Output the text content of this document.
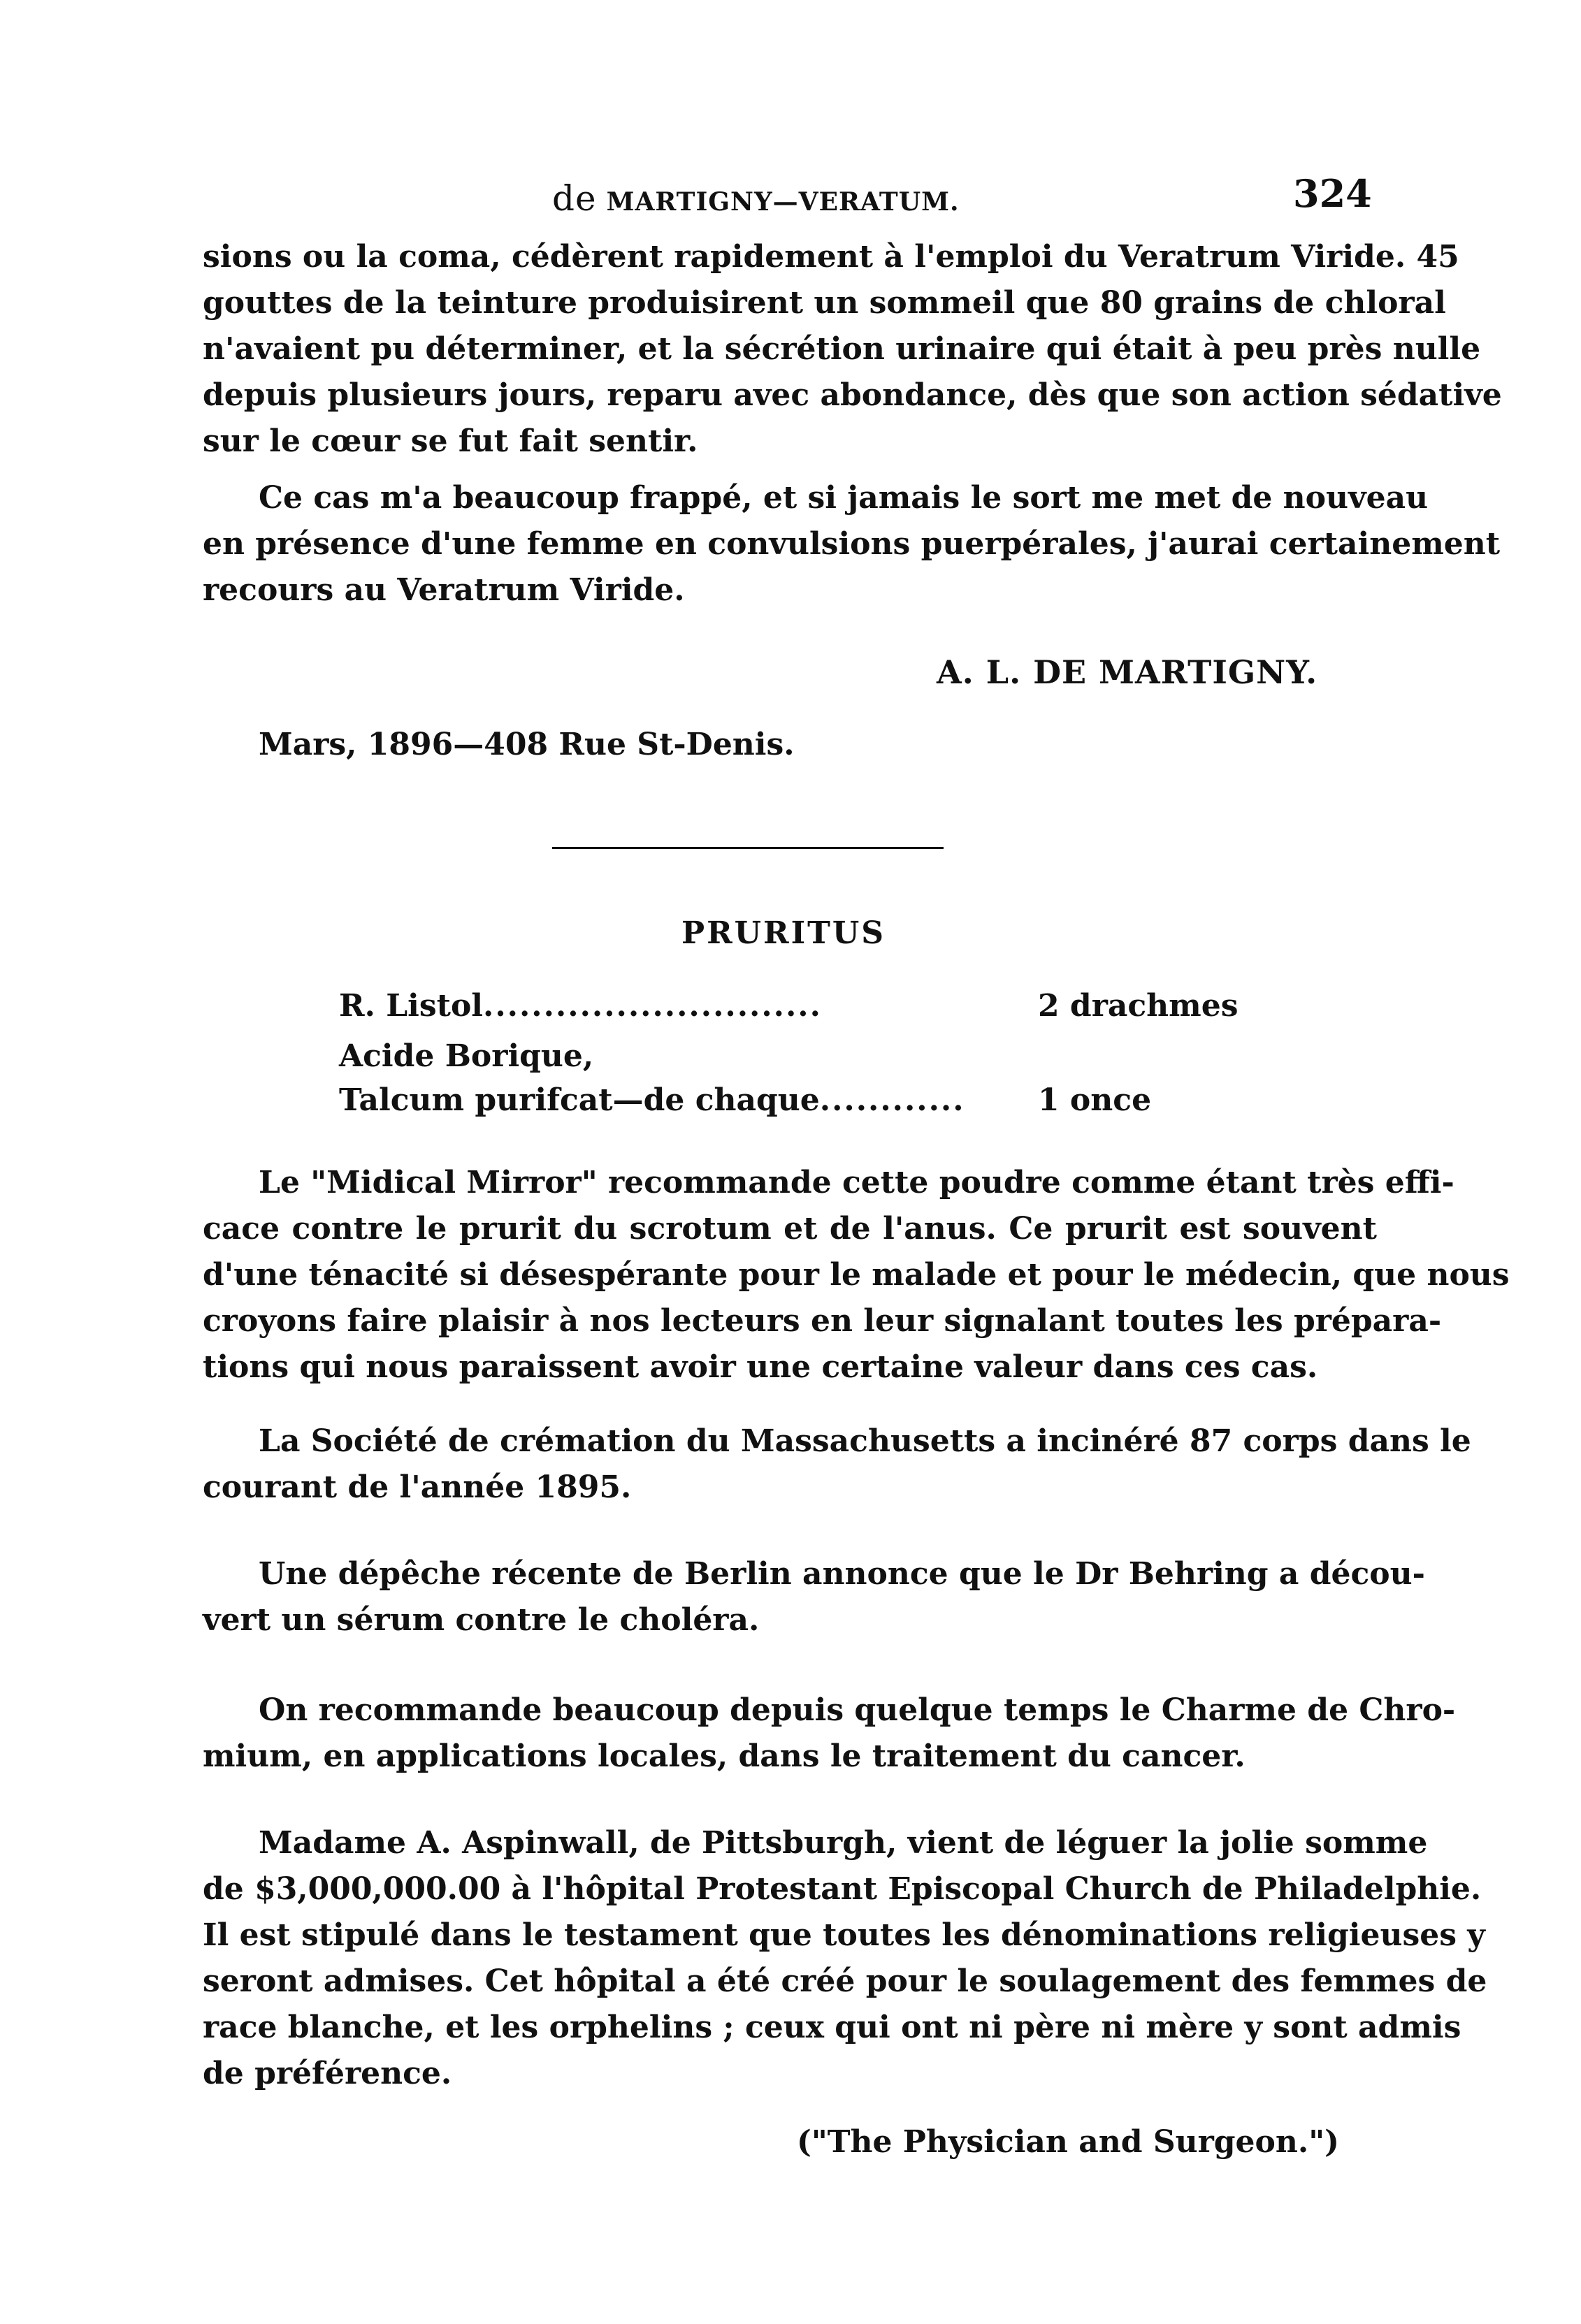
de MARTIGNY—VERATUM.	324
sions ou la coma, cédèrent rapidement à l'emploi du Veratrum Viride. 45
gouttes de la teinture produisirent un sommeil que 80 grains de chloral
n'avaient pu déterminer, et la sécrétion urinaire qui était à peu près nulle
depuis plusieurs jours, reparu avec abondance, dès que son action sédative
sur le cœur se fut fait sentir.
Ce cas m'a beaucoup frappé, et si jamais le sort me met de nouveau
en présence d'une femme en convulsions puerpérales, j'aurai certainement
recours au Veratrum Viride.
A. L. DE MARTIGNY.
Mars, 1896—408 Rue St-Denis.
PRURITUS
R. Listol............................	2 drachmes
Acide Borique,
Talcum purifcat—de chaque............ 1 once
Le "Midical Mirror" recommande cette poudre comme étant très effi-
cace contre le prurit du scrotum et de l'anus. Ce prurit est souvent
d'une ténacité si désespérante pour le malade et pour le médecin, que nous
croyons faire plaisir à nos lecteurs en leur signalant toutes les prépara-
tions qui nous paraissent avoir une certaine valeur dans ces cas.
La Société de crémation du Massachusetts a incinéré 87 corps dans le
courant de l'année 1895.
Une dépêche récente de Berlin annonce que le Dr Behring a décou-
vert un sérum contre le choléra.
On recommande beaucoup depuis quelque temps le Charme de Chro-
mium, en applications locales, dans le traitement du cancer.
Madame A. Aspinwall, de Pittsburgh, vient de léguer la jolie somme
de $3,000,000.00 à l'hôpital Protestant Episcopal Church de Philadelphie.
Il est stipulé dans le testament que toutes les dénominations religieuses y
seront admises. Cet hôpital a été créé pour le soulagement des femmes de
race blanche, et les orphelins ; ceux qui ont ni père ni mère y sont admis
de préférence.
("The Physician and Surgeon.")
